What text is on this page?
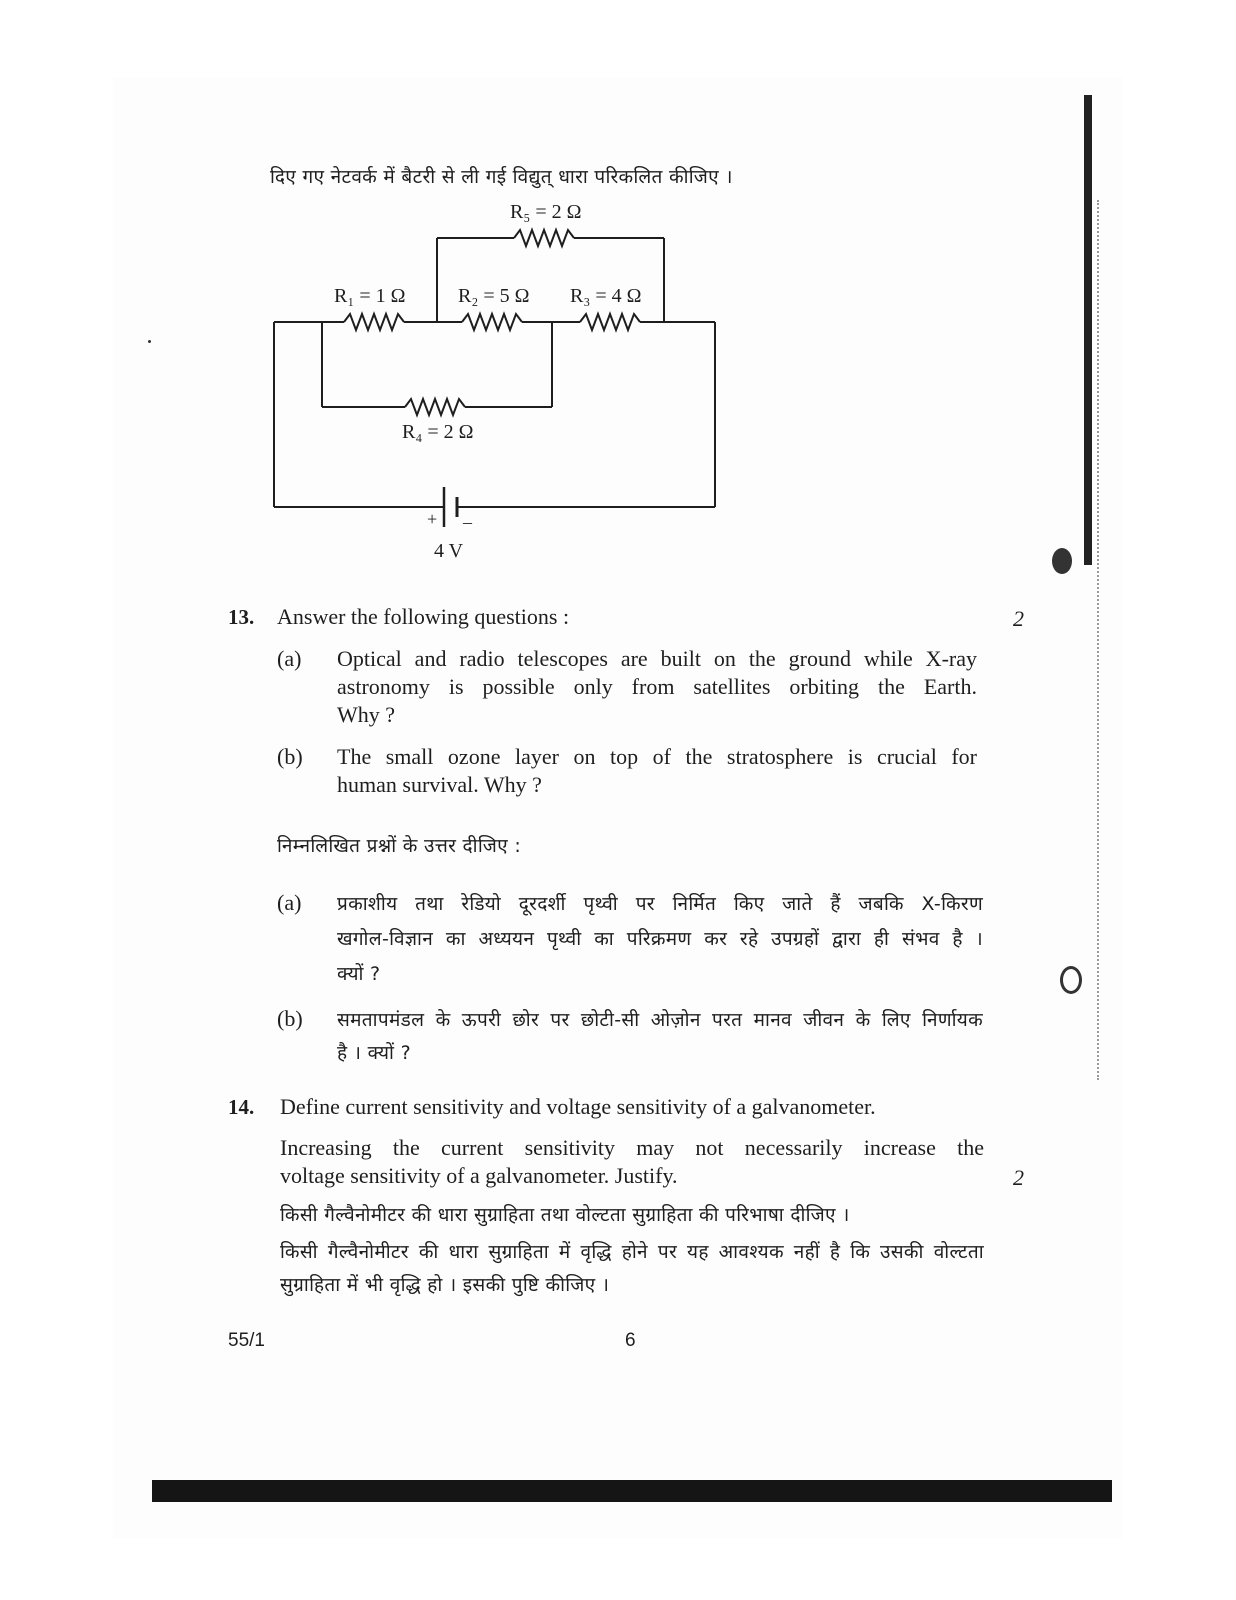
दिए गए नेटवर्क में बैटरी से ली गई विद्युत् धारा परिकलित कीजिए ।
R₅ = 2 Ω
R₁ = 1 Ω	R₂ = 5 Ω R₃ = 4 Ω
R₄ = 2 Ω
+ –
4 V
13. Answer the following questions :	2
(a) Optical and radio telescopes are built on the ground while X-ray
astronomy is possible only from satellites orbiting the Earth.
Why ?
(b) The small ozone layer on top of the stratosphere is crucial for
human survival. Why ?
निम्नलिखित प्रश्नों के उत्तर दीजिए :
(a) प्रकाशीय तथा रेडियो दूरदर्शी पृथ्वी पर निर्मित किए जाते हैं जबकि X-किरण
खगोल-विज्ञान का अध्ययन पृथ्वी का परिक्रमण कर रहे उपग्रहों द्वारा ही संभव है ।
क्यों ?
(b) समतापमंडल के ऊपरी छोर पर छोटी-सी ओज़ोन परत मानव जीवन के लिए निर्णायक
है । क्यों ?
14. Define current sensitivity and voltage sensitivity of a galvanometer.
Increasing the current sensitivity may not necessarily increase the
voltage sensitivity of a galvanometer. Justify.	2
किसी गैल्वैनोमीटर की धारा सुग्राहिता तथा वोल्टता सुग्राहिता की परिभाषा दीजिए ।
किसी गैल्वैनोमीटर की धारा सुग्राहिता में वृद्धि होने पर यह आवश्यक नहीं है कि उसकी वोल्टता
सुग्राहिता में भी वृद्धि हो । इसकी पुष्टि कीजिए ।
55/1	6
